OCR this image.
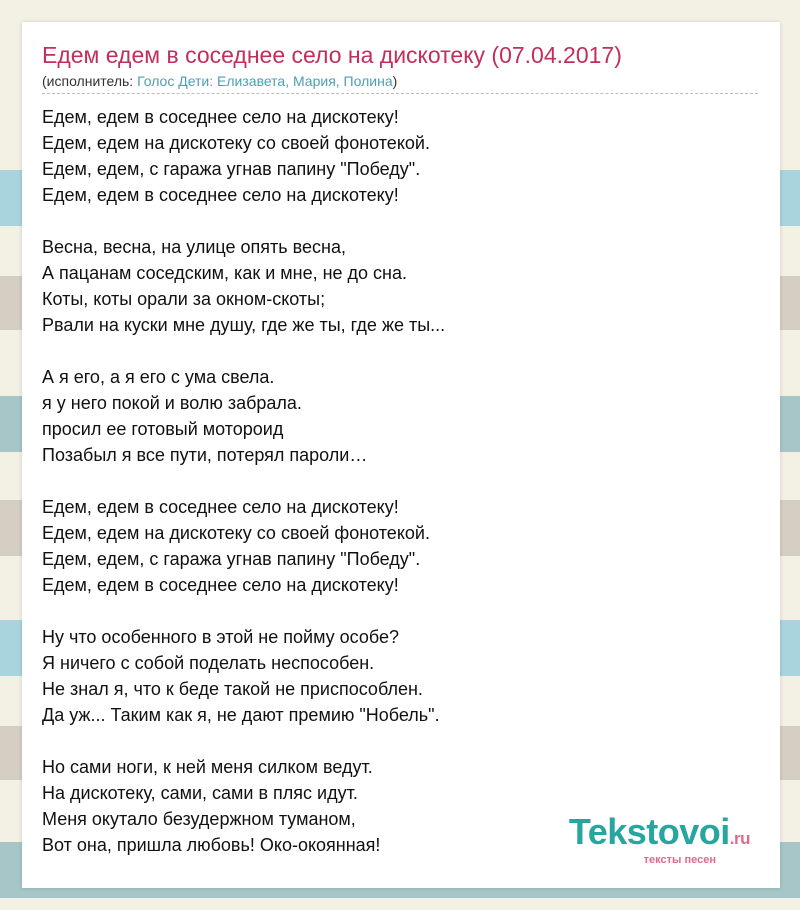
Едем едем в соседнее село на дискотеку (07.04.2017)
(исполнитель: Голос Дети: Елизавета, Мария, Полина)
Едем, едем в соседнее село на дискотеку!
Едем, едем на дискотеку со своей фонотекой.
Едем, едем, с гаража угнав папину "Победу".
Едем, едем в соседнее село на дискотеку!
Весна, весна, на улице опять весна,
А пацанам соседским, как и мне, не до сна.
Коты, коты орали за окном-скоты;
Рвали на куски мне душу, где же ты, где же ты...
А я его, а я его с ума свела.
я у него покой и волю забрала.
просил ее готовый мотороид
Позабыл я все пути, потерял пароли…
Едем, едем в соседнее село на дискотеку!
Едем, едем на дискотеку со своей фонотекой.
Едем, едем, с гаража угнав папину "Победу".
Едем, едем в соседнее село на дискотеку!
Ну что особенного в этой не пойму особе?
Я ничего с собой поделать неспособен.
Не знал я, что к беде такой не приспособлен.
Да уж... Таким как я, не дают премию "Нобель".
Но сами ноги, к ней меня силком ведут.
На дискотеку, сами, сами в пляс идут.
Меня окутало безудержном туманом,
Вот она, пришла любовь! Око-окоянная!	Tekstovoi.ru
тексты песен
